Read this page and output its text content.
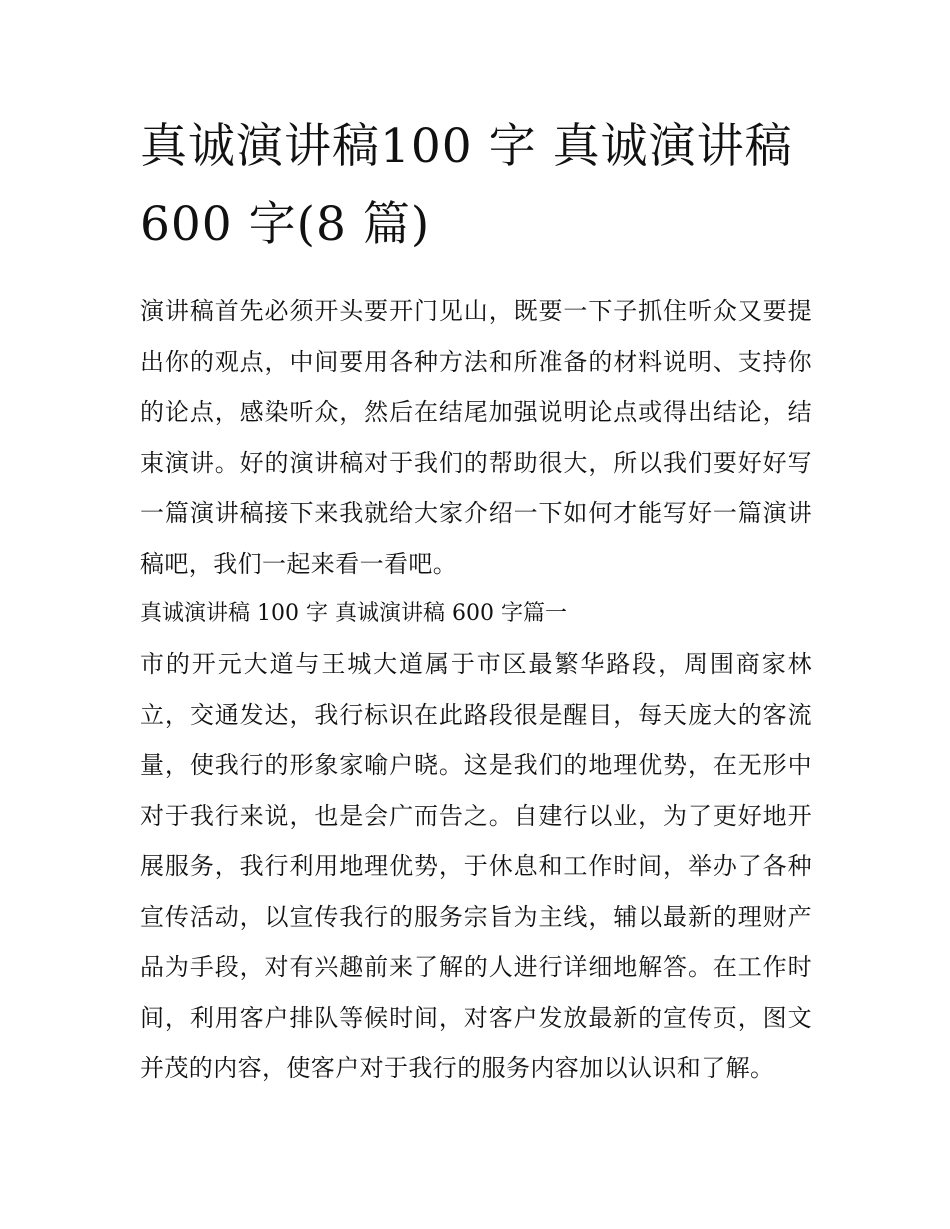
真诚演讲稿100 字 真诚演讲稿 600 字(8 篇)

演讲稿首先必须开头要开门见山，既要一下子抓住听众又要提出你的观点，中间要用各种方法和所准备的材料说明、支持你的论点，感染听众，然后在结尾加强说明论点或得出结论，结束演讲。好的演讲稿对于我们的帮助很大，所以我们要好好写一篇演讲稿接下来我就给大家介绍一下如何才能写好一篇演讲稿吧，我们一起来看一看吧。

真诚演讲稿 100 字 真诚演讲稿 600 字篇一

市的开元大道与王城大道属于市区最繁华路段，周围商家林立，交通发达，我行标识在此路段很是醒目，每天庞大的客流量，使我行的形象家喻户晓。这是我们的地理优势，在无形中对于我行来说，也是会广而告之。自建行以业，为了更好地开展服务，我行利用地理优势，于休息和工作时间，举办了各种宣传活动，以宣传我行的服务宗旨为主线，辅以最新的理财产品为手段，对有兴趣前来了解的人进行详细地解答。在工作时间，利用客户排队等候时间，对客户发放最新的宣传页，图文并茂的内容，使客户对于我行的服务内容加以认识和了解。
